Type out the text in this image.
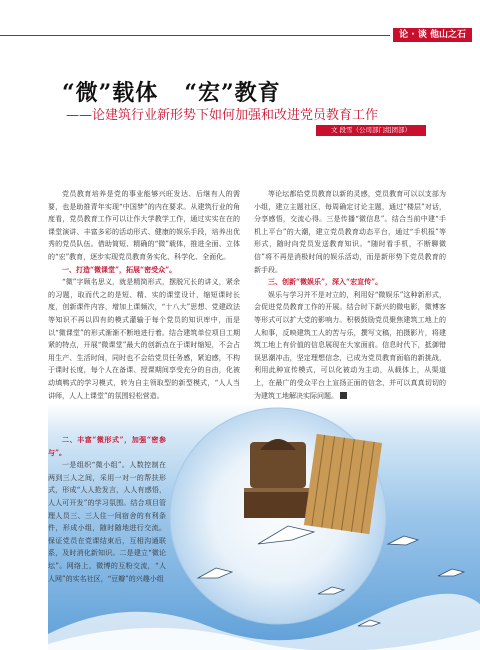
论 · 谈 他山之石
“微”载体 “宏”教育
——论建筑行业新形势下如何加强和改进党员教育工作
文 段雪（公司部门组团部）

党员教育培养是党的事业能够兴旺发达、后继有人的需要，也是助推青年实现“中国梦”的内在要求。从建筑行业的角度看，党员教育工作可以让作大学教学工作，通过实实在在的课堂演讲、丰富多彩的活动形式、健康的娱乐手段，培养出优秀的党员队伍。借助简短、精确的“微”载体，推进全面、立体的“宏”教育，逐步实现党员教育务实化、科学化、全面化。

一、打造“微课堂”，拓展“密受众”。

“微”字顾名思义，就是精简形式，摆脱冗长的讲义，紧余的习题，取而代之的是短、精、实的课堂设计，缩短课时长度，创新课件内容，增加上课频次，“十八大”思想、党建政法等知识不再以四有的模式灌输于每个党员的知识库中，而是以“微课堂”的形式渐渐不断地进行着。结合建筑单位项目工期紧的特点，开展“微课堂”最大的创新点在于课时缩短，不会占用生产、生活时间，同时也不会给党员任务感，紧迫感，不构于课时长度，每个人在备课、授课期间享受充分的自由，化被动填鸭式的学习模式，转为自主领取型的新型模式，“人人当讲师，人人上课堂”的氛围轻松营造。

等论坛都给党员教育以新的灵感，党员教育可以以支部为小组，建立主题社区，每周确定讨论主题，通过“楼层”对话，分享感悟，交流心得。三是传播“微信息”。结合当前中建“手机上平台”的大潮，建立党员教育动态平台，通过“手机报”等形式，随时向党员发送教育知识。“随时看手机，不断聊微信”将不再是消极时间的娱乐活动，而是新形势下党员教育的新手段。

三、创新“微娱乐”，深入“宏宣传”。

娱乐与学习并不是对立的，利用好“微娱乐”这种新形式，会促进党员教育工作的开展。结合时下新兴的微电影，微博客等形式可以扩大党的影响力。积极鼓励党员聚焦建筑工地上的人和事，反映建筑工人的苦与乐，撰写文稿，拍摄影片，将建筑工地上有价值的信息展现在大家面前。信息时代下，抵御错误思潮冲击，坚定理想信念，已成为党员教育面临的新挑战，利用此种宣传模式，可以化被动为主动，从载体上，从渠道上，在最广的受众平台上宣扬正面的信念，并可以真真切切的为建筑工地解决实际问题。

二、丰富“微形式”，加强“密参与”。

一是组织“微小组”。人数控制在两到三人之间，采用一对一的帮扶形式，形成“人人抢发言，人人有感悟，人人可开发”的学习氛围。结合项目管理人员三、三人住一间宿舍的有利条件，形成小组，随时随地进行交流。保证党员在党课结束后，互相沟通联系，及时消化新知识。二是建立“微论坛”。网络上，微博的互粉交流，“人人网”的实名社区，“豆瓣”的兴趣小组
